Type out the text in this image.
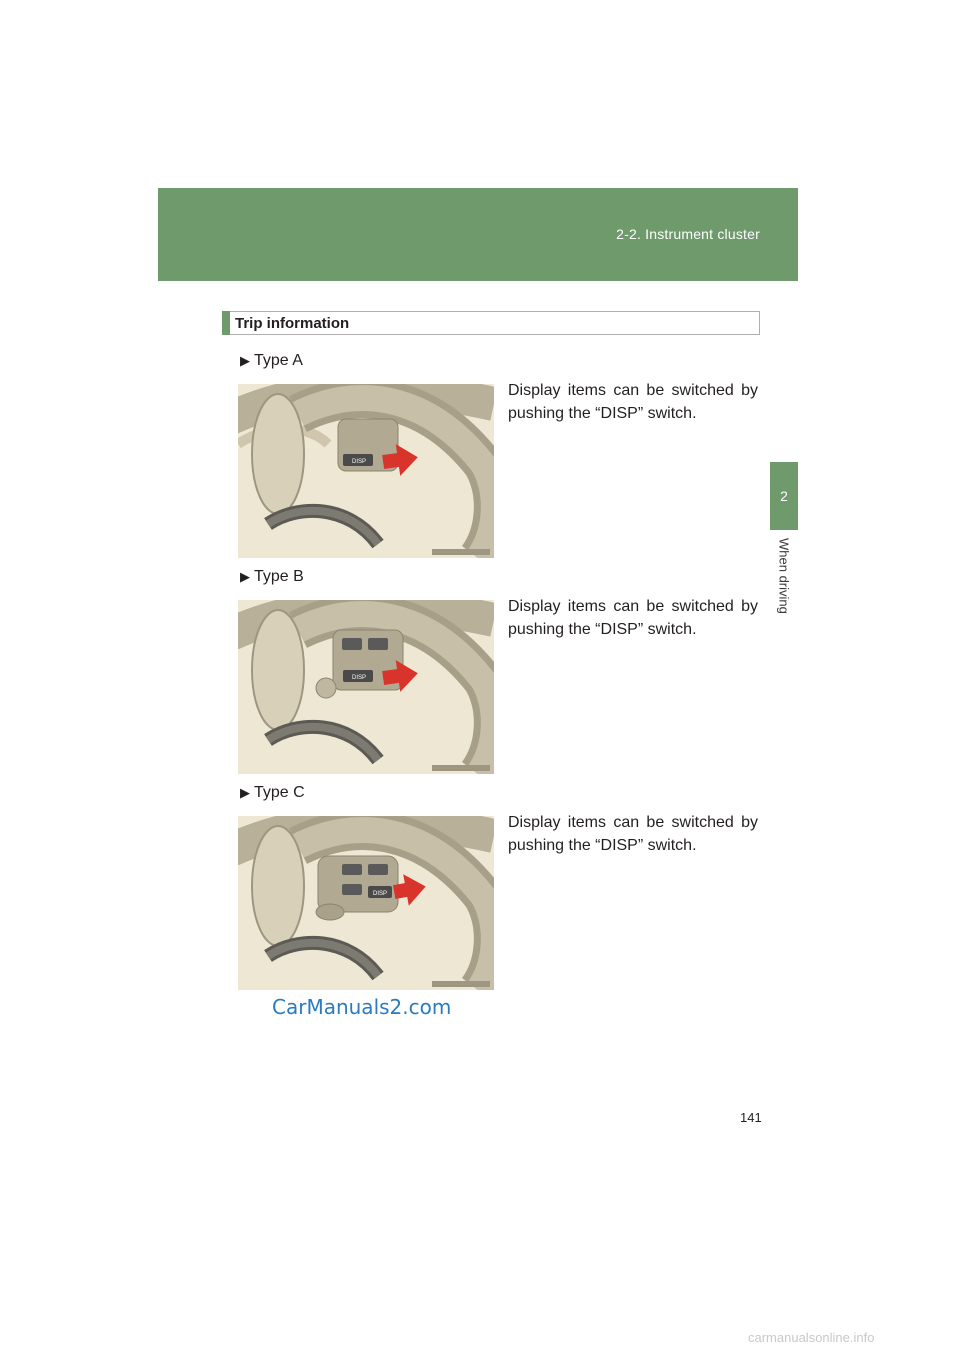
2-2. Instrument cluster
2
When driving
Trip information
▶ Type A
DISP
Display items can be switched by pushing the “DISP” switch.
▶ Type B
DISP
Display items can be switched by pushing the “DISP” switch.
▶ Type C
DISP
Display items can be switched by pushing the “DISP” switch.
CarManuals2.com
141
carmanualsonline.info
